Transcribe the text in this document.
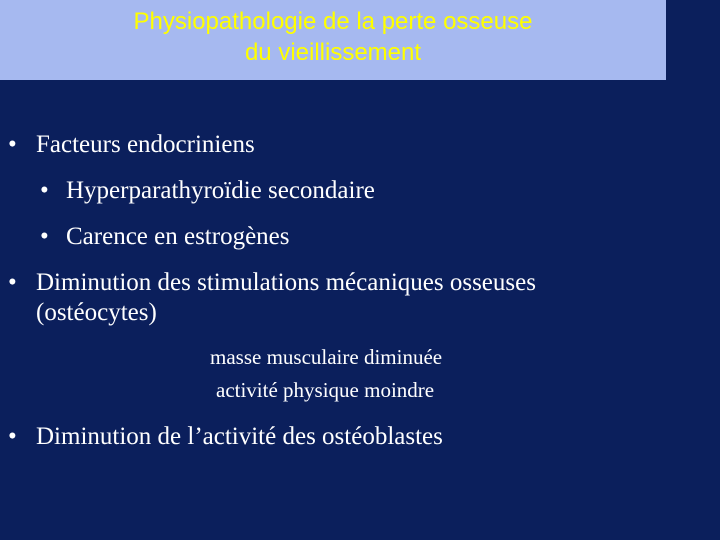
Physiopathologie de la perte osseuse
du vieillissement
• Facteurs endocriniens
• Hyperparathyroïdie secondaire
• Carence en estrogènes
• Diminution des stimulations mécaniques osseuses
(ostéocytes)
masse musculaire diminuée
activité physique moindre
• Diminution de l’activité des ostéoblastes
